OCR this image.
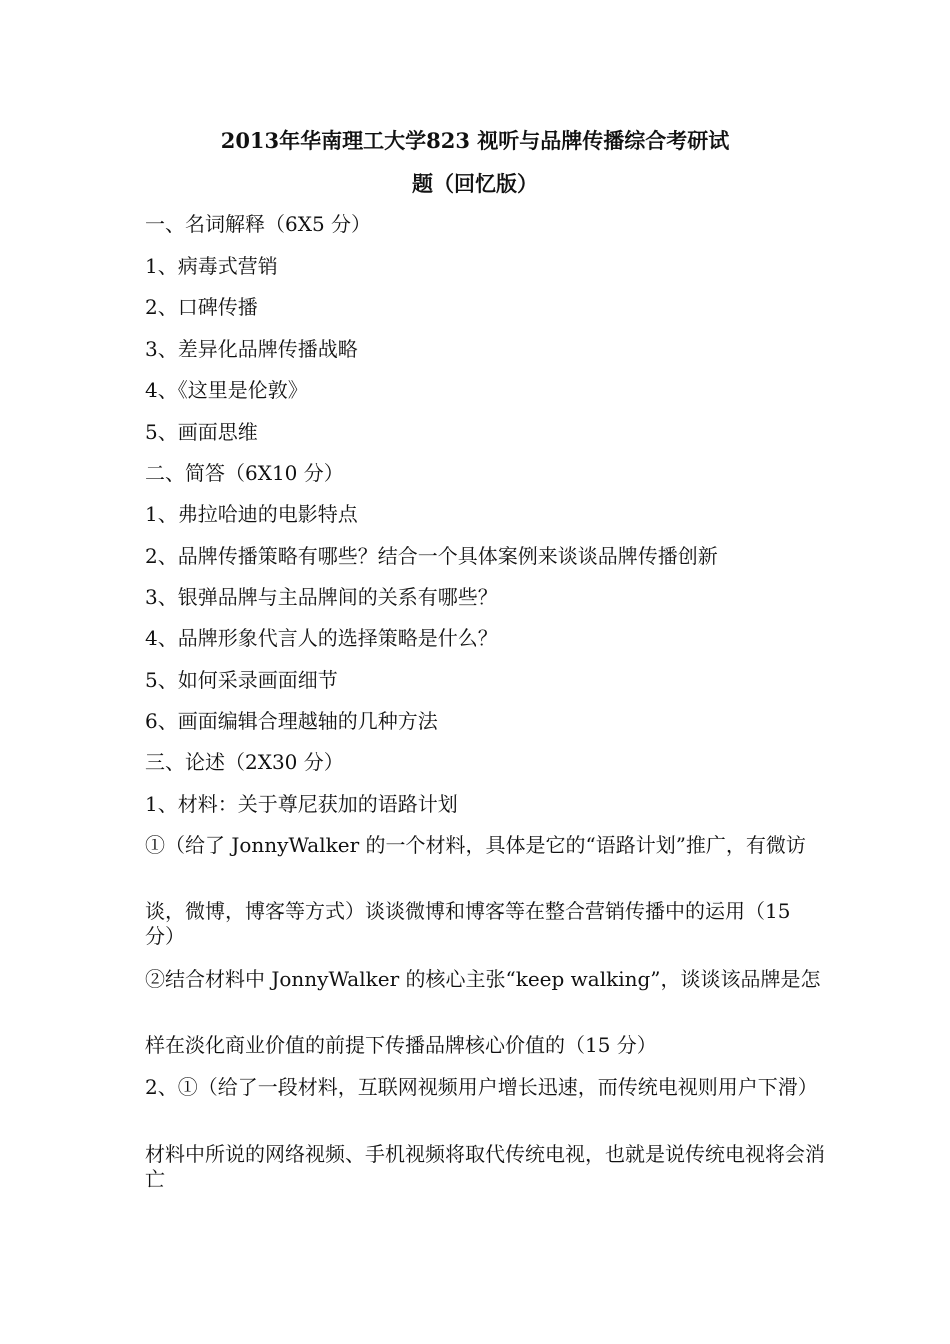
2013年华南理工大学823 视听与品牌传播综合考研试
题（回忆版）
一、名词解释（6X5 分）
1、病毒式营销
2、口碑传播
3、差异化品牌传播战略
4、《这里是伦敦》
5、画面思维
二、简答（6X10 分）
1、弗拉哈迪的电影特点
2、品牌传播策略有哪些？结合一个具体案例来谈谈品牌传播创新
3、银弹品牌与主品牌间的关系有哪些？
4、品牌形象代言人的选择策略是什么？
5、如何采录画面细节
6、画面编辑合理越轴的几种方法
三、论述（2X30 分）
1、材料：关于尊尼获加的语路计划
①（给了 JonnyWalker 的一个材料，具体是它的“语路计划”推广，有微访
谈，微博，博客等方式）谈谈微博和博客等在整合营销传播中的运用（15 分）
②结合材料中 JonnyWalker 的核心主张“keep walking”，谈谈该品牌是怎
样在淡化商业价值的前提下传播品牌核心价值的（15 分）
2、①（给了一段材料，互联网视频用户增长迅速，而传统电视则用户下滑）
材料中所说的网络视频、手机视频将取代传统电视，也就是说传统电视将会消亡
